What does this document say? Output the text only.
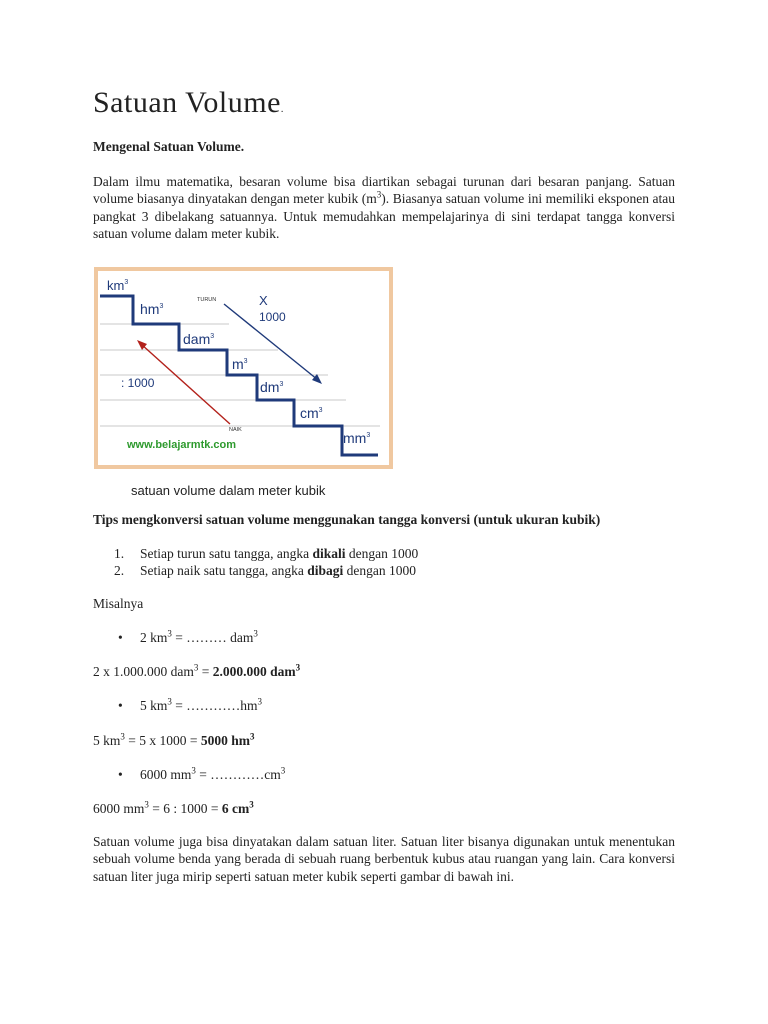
Satuan Volume.
Mengenal Satuan Volume.

Dalam ilmu matematika, besaran volume bisa diartikan sebagai turunan dari besaran panjang. Satuan volume biasanya dinyatakan dengan meter kubik $(m^3)$. Biasanya satuan volume ini memiliki eksponen atau pangkat 3 dibelakang satuannya. Untuk memudahkan mempelajarinya di sini terdapat tangga konversi satuan volume dalam meter kubik.

$km^3$
$hm^3$
dam$^3$
$m^3$
$dm^3$
$cm^3$
$mm^3$
TURUN	X
1000
NAIK
: 1000
www.belajarmtk.com
satuan volume dalam meter kubik
Tips mengkonversi satuan volume menggunakan tangga konversi (untuk ukuran kubik)
1. Setiap turun satu tangga, angka dikali dengan 1000
2. Setiap naik satu tangga, angka dibagi dengan 1000
Misalnya
• 2 $km^3$ = ……… dam$^3$
2 x 1.000.000 dam$^3$ = 2.000.000 dam$^3$
• 5 $km^3$ = $\dots\dots\dots\dots hm^3$
5 $km^3 = 5$ x 1000 = 5000 $hm^3$
• 6000 $mm^3$ = $\dots\dots\dots\dots cm^3$
6000 $mm^3 = 6$ : 1000 = 6 $cm^3$

Satuan volume juga bisa dinyatakan dalam satuan liter. Satuan liter bisanya digunakan untuk menentukan sebuah volume benda yang berada di sebuah ruang berbentuk kubus atau ruangan yang lain. Cara konversi satuan liter juga mirip seperti satuan meter kubik seperti gambar di bawah ini.
